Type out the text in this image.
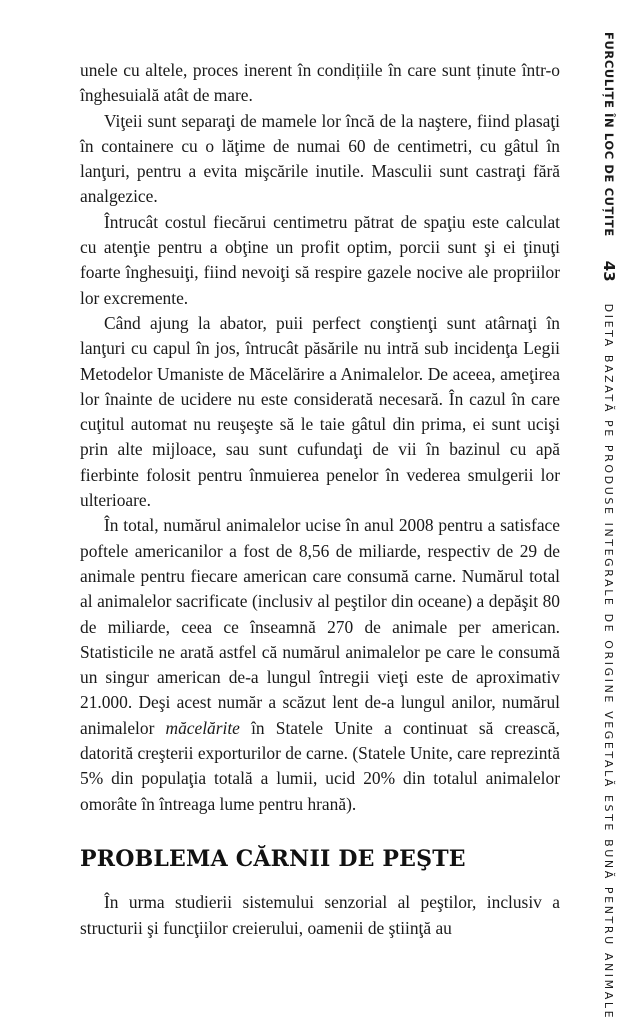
unele cu altele, proces inerent în condițiile în care sunt ținute într-o înghesuială atât de mare.

Viţeii sunt separaţi de mamele lor încă de la naştere, fiind plasaţi în containere cu o lăţime de numai 60 de centimetri, cu gâtul în lanţuri, pentru a evita mişcările inutile. Masculii sunt castraţi fără analgezice.

Întrucât costul fiecărui centimetru pătrat de spaţiu este calculat cu atenţie pentru a obţine un profit optim, porcii sunt şi ei ţinuţi foarte înghesuiţi, fiind nevoiţi să respire gazele nocive ale propriilor lor excremente.

Când ajung la abator, puii perfect conştienţi sunt atârnaţi în lanţuri cu capul în jos, întrucât păsările nu intră sub incidenţa Legii Metodelor Umaniste de Măcelărire a Animalelor. De aceea, ameţirea lor înainte de ucidere nu este considerată necesară. În cazul în care cuţitul automat nu reuşeşte să le taie gâtul din prima, ei sunt ucişi prin alte mijloace, sau sunt cufundaţi de vii în bazinul cu apă fierbinte folosit pentru înmuierea penelor în vederea smulgerii lor ulterioare.

În total, numărul animalelor ucise în anul 2008 pentru a satisface poftele americanilor a fost de 8,56 de miliarde, respectiv de 29 de animale pentru fiecare american care consumă carne. Numărul total al animalelor sacrificate (inclusiv al peştilor din oceane) a depăşit 80 de miliarde, ceea ce înseamnă 270 de animale per american. Statisticile ne arată astfel că numărul animalelor pe care le consumă un singur american de-a lungul întregii vieţi este de aproximativ 21.000. Deşi acest număr a scăzut lent de-a lungul anilor, numărul animalelor măcelărite în Statele Unite a continuat să crească, datorită creşterii exporturilor de carne. (Statele Unite, care reprezintă 5% din populaţia totală a lumii, ucid 20% din totalul animalelor omorâte în întreaga lume pentru hrană).

PROBLEMA CĂRNII DE PEŞTE

În urma studierii sistemului senzorial al peştilor, inclusiv a structurii şi funcţiilor creierului, oamenii de ştiinţă au

FURCULIȚE ÎN LOC DE CUȚITE
43
DIETA BAZATĂ PE PRODUSE INTEGRALE DE ORIGINE VEGETALĂ ESTE BUNĂ PENTRU ANIMALE
